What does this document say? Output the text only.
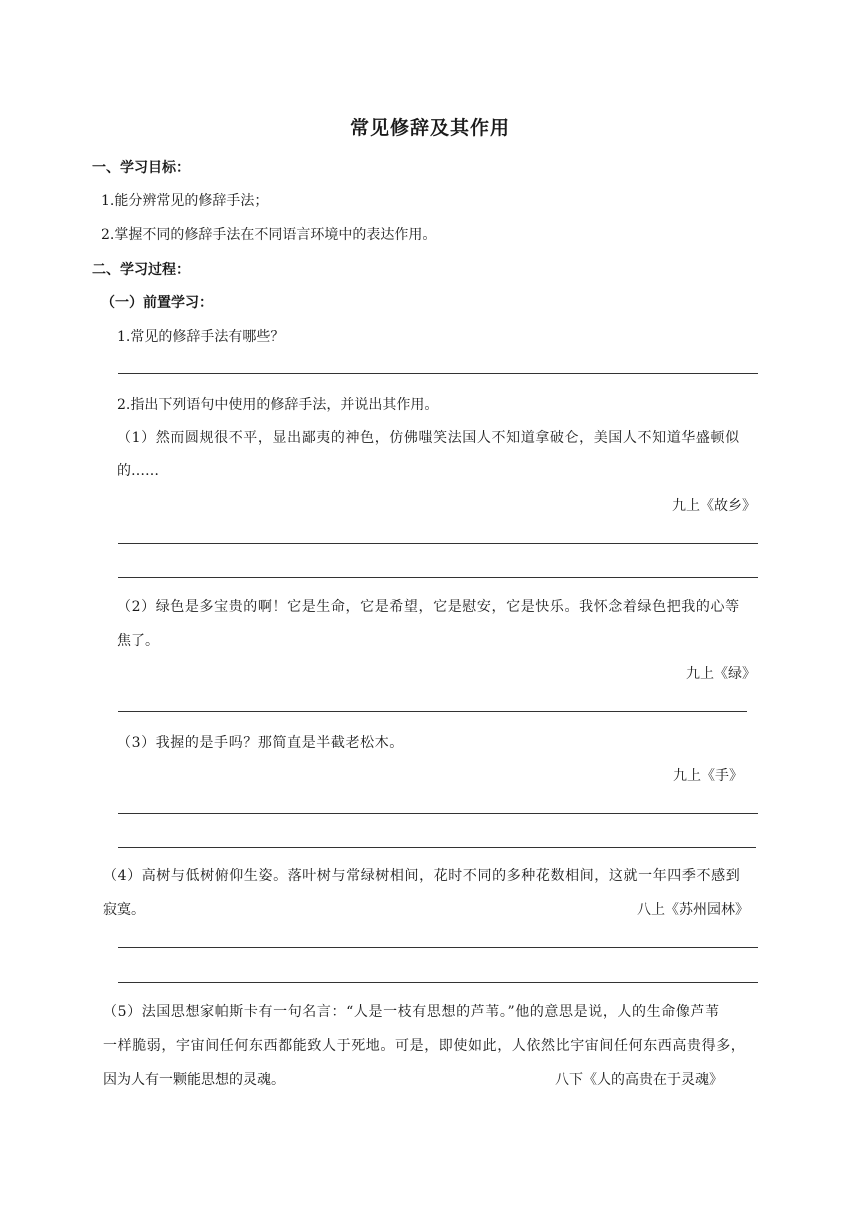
常见修辞及其作用
一、学习目标：
1.能分辨常见的修辞手法；
2.掌握不同的修辞手法在不同语言环境中的表达作用。
二、学习过程：
（一）前置学习：
1.常见的修辞手法有哪些？
2.指出下列语句中使用的修辞手法，并说出其作用。
（1）然而圆规很不平，显出鄙夷的神色，仿佛嗤笑法国人不知道拿破仑，美国人不知道华盛顿似
的……
九上《故乡》
（2）绿色是多宝贵的啊！它是生命，它是希望，它是慰安，它是快乐。我怀念着绿色把我的心等
焦了。
九上《绿》
（3）我握的是手吗？那简直是半截老松木。
九上《手》
（4）高树与低树俯仰生姿。落叶树与常绿树相间，花时不同的多种花数相间，这就一年四季不感到
寂寞。	八上《苏州园林》
（5）法国思想家帕斯卡有一句名言：“人是一枝有思想的芦苇。”他的意思是说，人的生命像芦苇
一样脆弱，宇宙间任何东西都能致人于死地。可是，即使如此，人依然比宇宙间任何东西高贵得多，
因为人有一颗能思想的灵魂。	八下《人的高贵在于灵魂》
